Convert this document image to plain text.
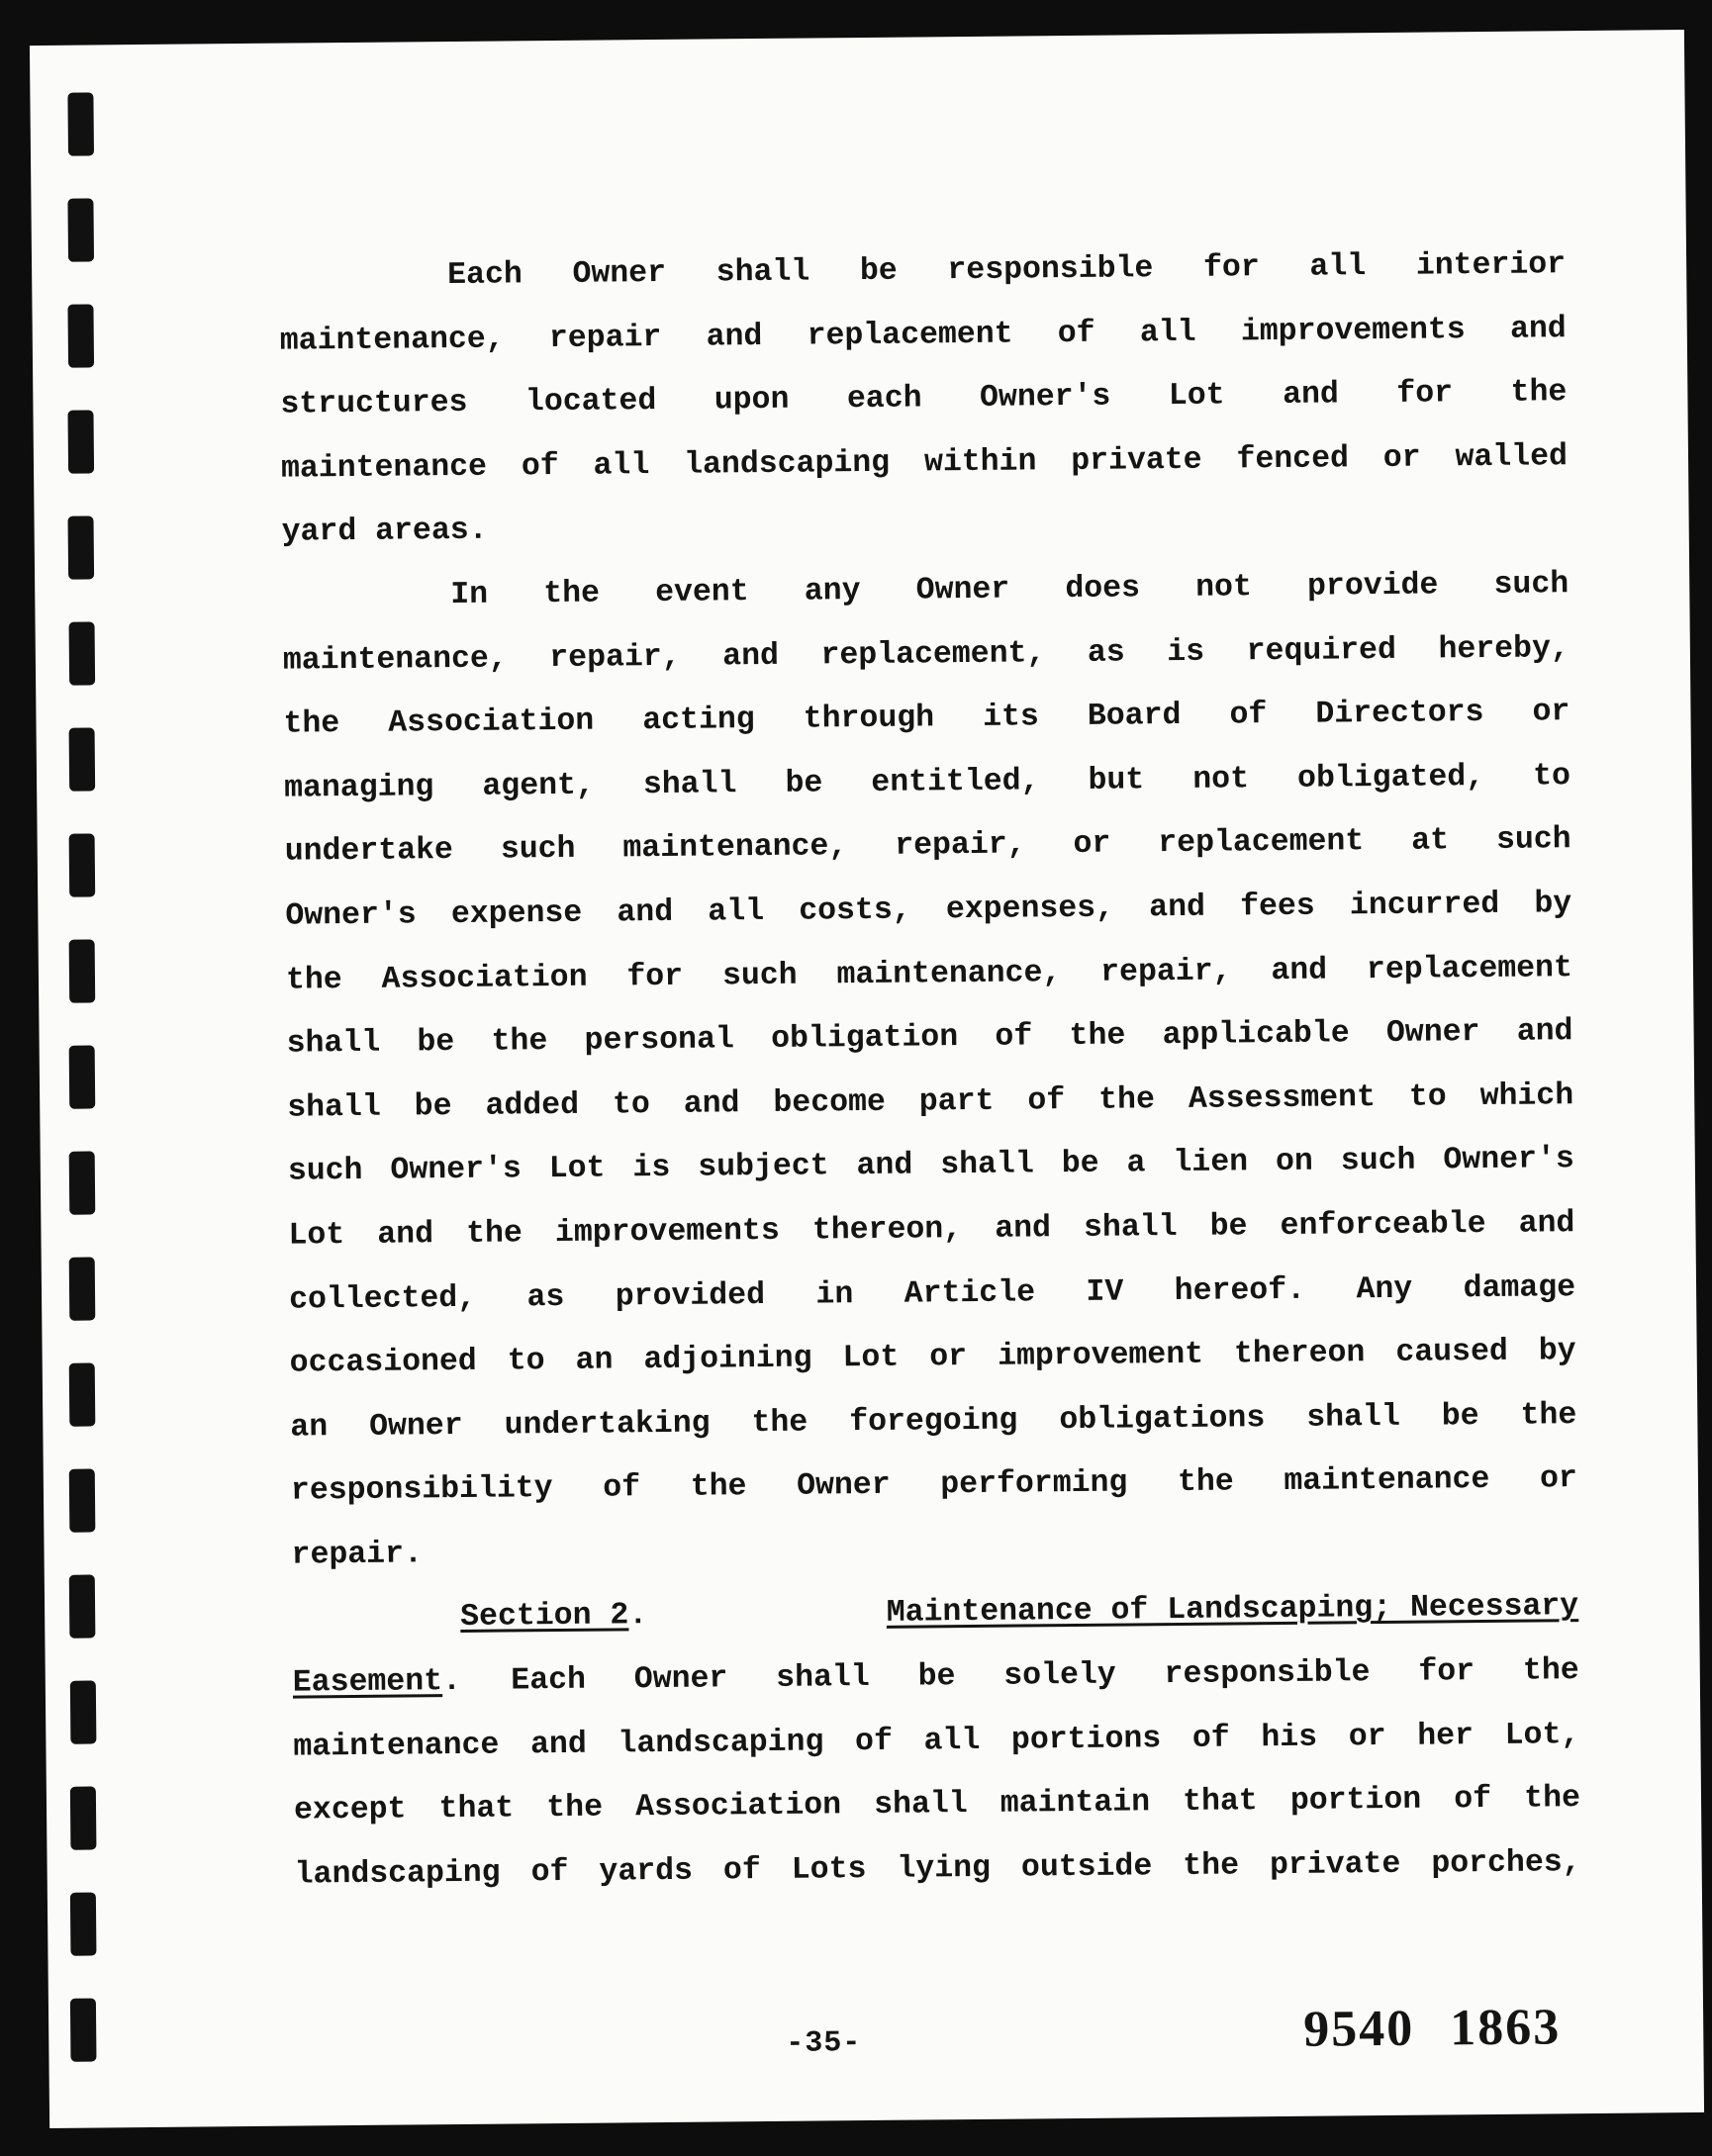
Each Owner shall be responsible for all interior
maintenance, repair and replacement of all improvements and
structures located upon each Owner's Lot and for the
maintenance of all landscaping within private fenced or walled
yard areas.
In the event any Owner does not provide such
maintenance, repair, and replacement, as is required hereby,
the Association acting through its Board of Directors or
managing agent, shall be entitled, but not obligated, to
undertake such maintenance, repair, or replacement at such
Owner's expense and all costs, expenses, and fees incurred by
the Association for such maintenance, repair, and replacement
shall be the personal obligation of the applicable Owner and
shall be added to and become part of the Assessment to which
such Owner's Lot is subject and shall be a lien on such Owner's
Lot and the improvements thereon, and shall be enforceable and
collected, as provided in Article IV hereof. Any damage
occasioned to an adjoining Lot or improvement thereon caused by
an Owner undertaking the foregoing obligations shall be the
responsibility of the Owner performing the maintenance or
repair.
Section 2.	Maintenance of Landscaping; Necessary
Easement. Each Owner shall be solely responsible for the
maintenance and landscaping of all portions of his or her Lot,
except that the Association shall maintain that portion of the
landscaping of yards of Lots lying outside the private porches,
-35-	9540 1863
